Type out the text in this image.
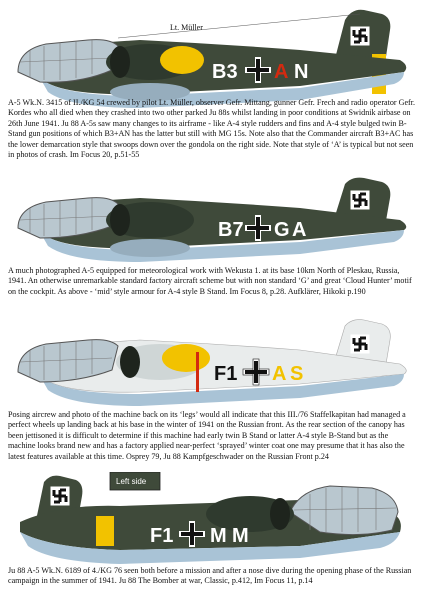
B3 A N
Lt. Müller

A-5 Wk.N. 3415 of II./KG 54 crewed by pilot Lt. Müller, observer Gefr. Mittang, gunner Gefr. Frech and radio operator Gefr. Kordes who all died when they crashed into two other parked Ju 88s whilst landing in poor conditions at Swidnik airbase on 26th June 1941. Ju 88 A-5s saw many changes to its airframe - like A-4 style rudders and fins and A-4 style bulged twin B-Stand gun positions of which B3+AN has the latter but still with MG 15s. Note also that the Commander aircraft B3+AC has the lower demarcation style that swoops down over the gondola on the right side. Note that style of ‘A’ is typical but not seen in photos of crash. Im Focus 20, p.51-55

B7 G A

A much photographed A-5 equipped for meteorological work with Wekusta 1. at its base 10km North of Pleskau, Russia, 1941. An otherwise unremarkable standard factory aircraft scheme but with non standard ‘G’ and great ‘Cloud Hunter’ motif on the cockpit. As above - ‘mid’ style armour for A-4 style B Stand. Im Focus 8, p.28. Aufklärer, Hikoki p.190

F1 A S

Posing aircrew and photo of the machine back on its ‘legs’ would all indicate that this III./76 Staffelkapitan had managed a perfect wheels up landing back at his base in the winter of 1941 on the Russian front. As the rear section of the canopy has been jettisoned it is difficult to determine if this machine had early twin B Stand or latter A-4 style B-Stand but as the machine looks brand new and has a factory applied near-perfect ‘sprayed’ winter coat one may presume that it has also the latest features available at this time. Osprey 79, Ju 88 Kampfgeschwader on the Russian Front p.24

F1 M M
Left side

Ju 88 A-5 Wk.N. 6189 of 4./KG 76 seen both before a mission and after a nose dive during the opening phase of the Russian campaign in the summer of 1941. Ju 88 The Bomber at war, Classic, p.412, Im Focus 11, p.14
